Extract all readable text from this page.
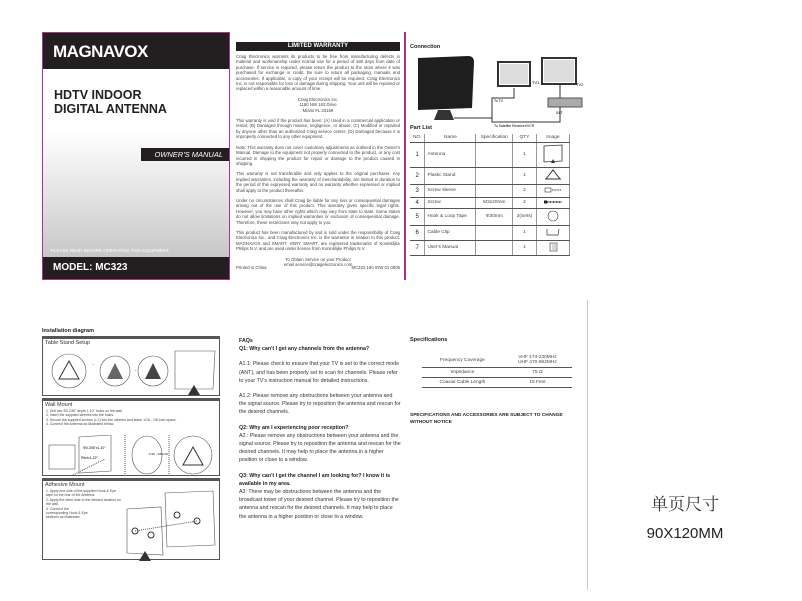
MAGNAVOX
HDTV INDOOR
DIGITAL ANTENNA
OWNER'S MANUAL
PLEASE READ BEFORE OPERATING THIS EQUIPMENT.
MODEL: MC323
LIMITED WARRANTY

Craig Electronics warrants its products to be free from manufacturing defects in material and workmanship under normal use for a period of 180 days from date of purchase. If service is required, please return the product to the store where it was purchased for exchange or credit. Be sure to return all packaging, manuals and accessories. If applicable, a copy of your receipt will be required. Craig Electronics Inc. is not responsible for loss or damage during shipping. Your unit will be repaired or replaced within a reasonable amount of time.

Craig Electronics Inc.
1160 NW 163 Drive
Miami FL 33169

This warranty is void if the product has been: (A) Used in a commercial application or rental; (B) Damaged through misuse, negligence, or abuse; (C) Modified or repaired by anyone other than an authorized Craig service center; (D) Damaged because it is improperly connected to any other equipment.

Note: This warranty does not cover customary adjustments as outlined in the Owner's Manual. Damage to the equipment not properly connected to the product, or any cost incurred in shipping the product for repair or damage to the product caused in shipping.

This warranty is not transferable and only applies to the original purchaser. Any implied warranties, including the warranty of merchantability, are limited in duration to the period of this expressed warranty and no warranty whether expressed or implied shall apply to the product thereafter.

Under no circumstances shall Craig be liable for any loss or consequential damages arising out of the use of this product. This warranty gives specific legal rights. However, you may have other rights which may vary from state to state. Some states do not allow limitations on implied warranties or exclusion of consequential damage. Therefore, these restrictions may not apply to you.

This product has been manufactured by and is sold under the responsibility of Craig Electronics Inc., and Craig Electronics Inc. is the warrantor in relation to this product. MAGNAVOX and SMART. VERY SMART. are registered trademarks of Koninklijke Philips N.V. and are used under license from Koninklijke Philips N.V.

To Obtain Service on your Product
email service@craigelectronics.com

Printed in China	MC323 180 IDW 01 0805
Connection
TV1	TV2
To TV
To Satellite Receiver/VCR
SAT
Part List
NO.	Name	Specification	QTY	Image
1	Antenna		1	
2	Plastic Stand		1	
3	Screw sleeve		2	
4	Screw	M3x20mm	2	
5	Hook & Loop Tape	Φ30mm	2(Sets)	
6	Cable Clip		1	
7	User's Manual		1	
Installation diagram
Table Stand Setup
→
→
Wall Mount
1. Drill two Φ0.236" depth 1.10" holes on the wall.
2. Insert the supplied sleeves into the holes.
3. Secure the supplied screws (x 2) into the sleeves and leave 1/16 - 1/8 inch space.
4. Connect the Antenna as illustrated below.
Φ0.236"x1.10"
Pitch:1.22"
1/16 - 1/8 inch
Adhesive Mount
1. Apply one side of the supplied Hook & Eye tape on the rear of the Antenna.
2. Apply the other side to the desired location on the wall.
3. Connect the corresponding Hook & Eye sections as illustrated.
FAQs
Q1: Why can't I get any channels from the antenna?

A1.1: Please check to ensure that your TV is set to the correct mode (ANT), and has been properly set to scan for channels. Please refer to your TV's instruction manual for detailed instructions.

A1.2: Please remove any obstructions between your antenna and the signal source. Please try to reposition the antenna and rescan for the desired channels.

Q2: Why am I experiencing poor reception?

A2.: Please remove any obstructions between your antenna and the signal source. Please try to reposition the antenna and rescan for the desired channels. It may help to place the antenna in a higher position or close to a window.

Q3: Why can't I get the channel I am looking for? I know it is available in my area.

A3: There may be obstructions between the antenna and the broadcast tower of your desired channel. Please try to reposition the antenna and rescan for the desired channels. It may help to place the antenna in a higher position or close to a window.

Specifications
Frequency Coverage	VHF 174-230MHz
UHF 470-862MHz
Impedance	75 Ω

Coaxial Cable Length	15 Feet

SPECIFICATIONS AND ACCESSORIES ARE SUBJECT TO CHANGE WITHOUT NOTICE
单页尺寸
90X120MM
